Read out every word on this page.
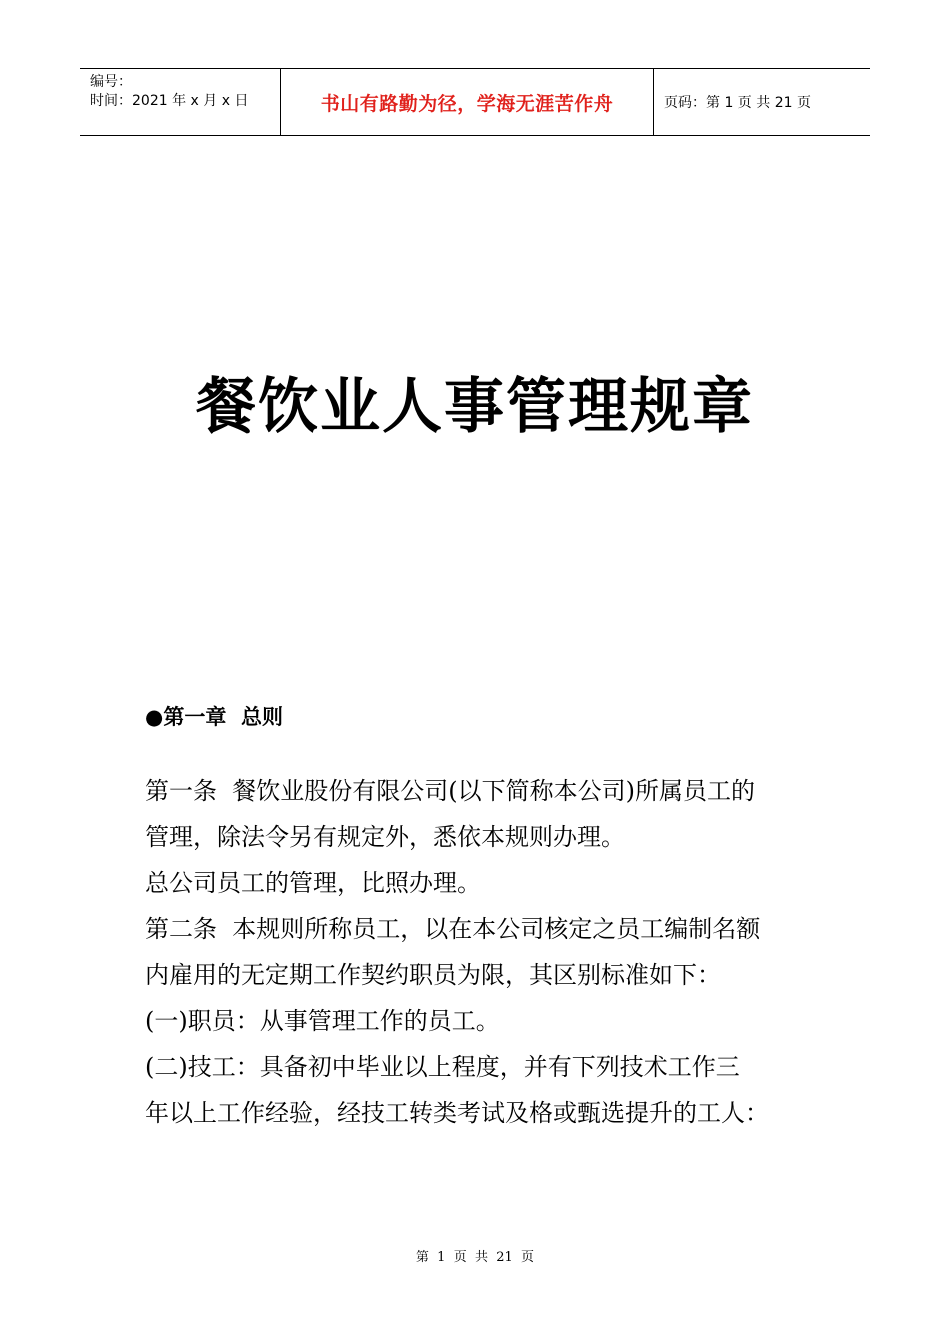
编号：
时间：2021 年 x 月 x 日	书山有路勤为径，学海无涯苦作舟	页码：第 1 页 共 21 页
餐饮业人事管理规章
●第一章  总则
第一条  餐饮业股份有限公司(以下简称本公司)所属员工的
管理，除法令另有规定外，悉依本规则办理。
总公司员工的管理，比照办理。
第二条  本规则所称员工，以在本公司核定之员工编制名额
内雇用的无定期工作契约职员为限，其区别标准如下：
(一)职员：从事管理工作的员工。
(二)技工：具备初中毕业以上程度，并有下列技术工作三
年以上工作经验，经技工转类考试及格或甄选提升的工人：
第  1  页  共  21  页
